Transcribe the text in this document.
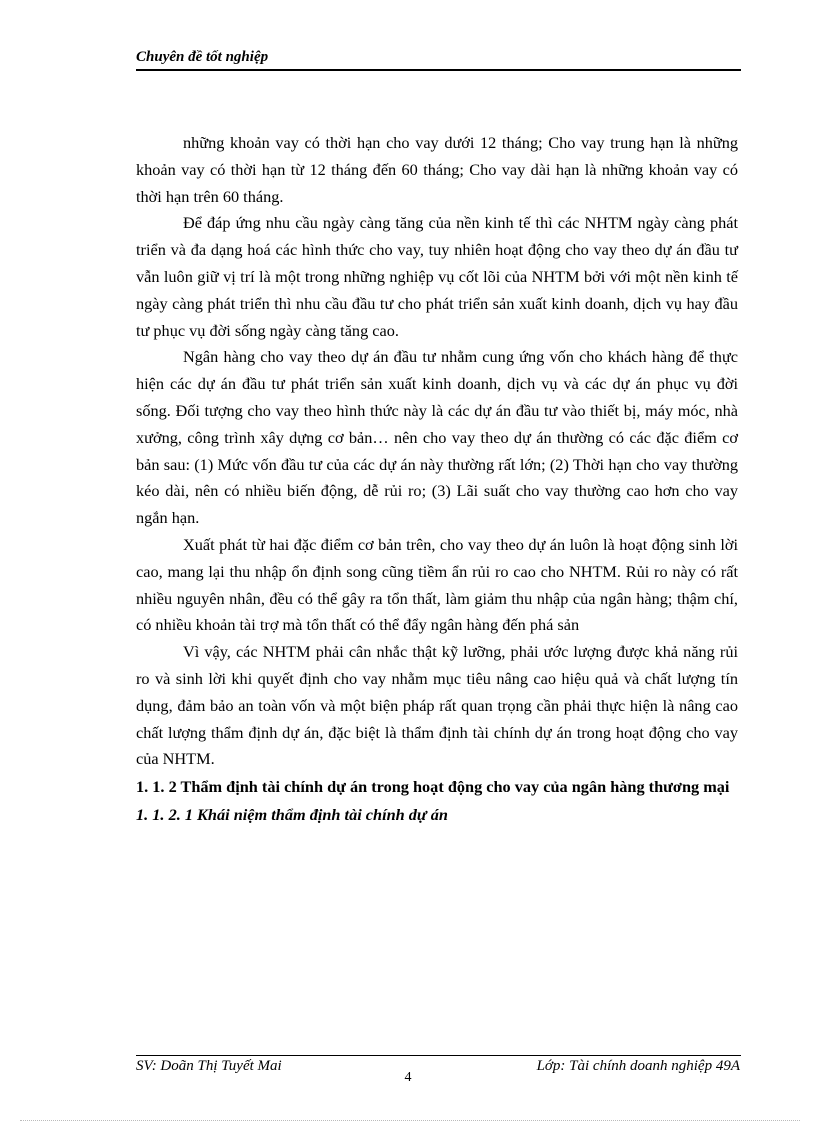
Chuyên đề tốt nghiệp

những khoản vay có thời hạn cho vay dưới 12 tháng; Cho vay trung hạn là những khoản vay có thời hạn từ 12 tháng đến 60 tháng; Cho vay dài hạn là những khoản vay có thời hạn trên 60 tháng.

Để đáp ứng nhu cầu ngày càng tăng của nền kinh tế thì các NHTM ngày càng phát triển và đa dạng hoá các hình thức cho vay, tuy nhiên hoạt động cho vay theo dự án đầu tư vẫn luôn giữ vị trí là một trong những nghiệp vụ cốt lõi của NHTM bởi với một nền kinh tế ngày càng phát triển thì nhu cầu đầu tư cho phát triển sản xuất kinh doanh, dịch vụ hay đầu tư phục vụ đời sống ngày càng tăng cao.

Ngân hàng cho vay theo dự án đầu tư nhằm cung ứng vốn cho khách hàng để thực hiện các dự án đầu tư phát triển sản xuất kinh doanh, dịch vụ và các dự án phục vụ đời sống. Đối tượng cho vay theo hình thức này là các dự án đầu tư vào thiết bị, máy móc, nhà xưởng, công trình xây dựng cơ bản… nên cho vay theo dự án thường có các đặc điểm cơ bản sau: (1) Mức vốn đầu tư của các dự án này thường rất lớn; (2) Thời hạn cho vay thường kéo dài, nên có nhiều biến động, dễ rủi ro; (3) Lãi suất cho vay thường cao hơn cho vay ngắn hạn.

Xuất phát từ hai đặc điểm cơ bản trên, cho vay theo dự án luôn là hoạt động sinh lời cao, mang lại thu nhập ổn định song cũng tiềm ẩn rủi ro cao cho NHTM. Rủi ro này có rất nhiều nguyên nhân, đều có thể gây ra tổn thất, làm giảm thu nhập của ngân hàng; thậm chí, có nhiều khoản tài trợ mà tổn thất có thể đẩy ngân hàng đến phá sản

Vì vậy, các NHTM phải cân nhắc thật kỹ lưỡng, phải ước lượng được khả năng rủi ro và sinh lời khi quyết định cho vay nhằm mục tiêu nâng cao hiệu quả và chất lượng tín dụng, đảm bảo an toàn vốn và một biện pháp rất quan trọng cần phải thực hiện là nâng cao chất lượng thẩm định dự án, đặc biệt là thẩm định tài chính dự án trong hoạt động cho vay của NHTM.

1. 1. 2 Thẩm định tài chính dự án trong hoạt động cho vay của ngân hàng thương mại
1. 1. 2. 1 Khái niệm thẩm định tài chính dự án
SV: Doãn Thị Tuyết Mai	Lớp: Tài chính doanh nghiệp 49A
4
